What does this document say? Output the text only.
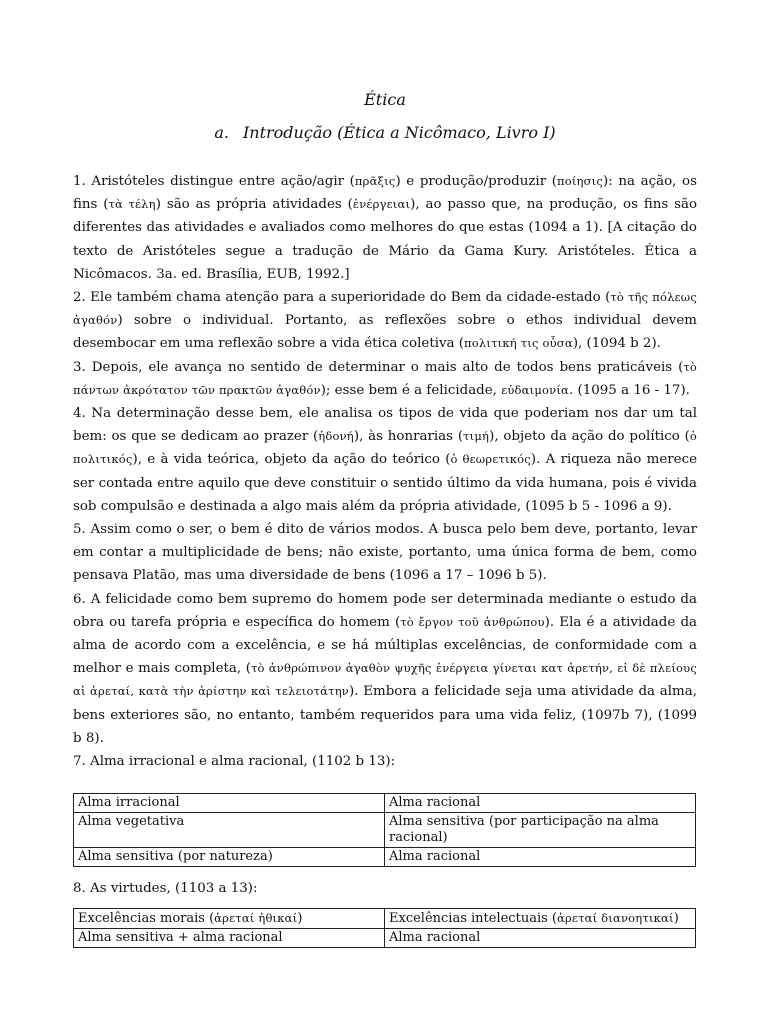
Ética
a. Introdução (Ética a Nicômaco, Livro I)

1. Aristóteles distingue entre ação/agir (πρᾶξις) e produção/produzir (ποίησις): na ação, os fins (τὰ τέλη) são as própria atividades (ἐνέργειαι), ao passo que, na produção, os fins são diferentes das atividades e avaliados como melhores do que estas (1094 a 1). [A citação do texto de Aristóteles segue a tradução de Mário da Gama Kury. Aristóteles. Ética a Nicômacos. 3a. ed. Brasília, EUB, 1992.]

2. Ele também chama atenção para a superioridade do Bem da cidade-estado (τὸ τῆς πόλεως ἀγαθόν) sobre o individual. Portanto, as reflexões sobre o ethos individual devem desembocar em uma reflexão sobre a vida ética coletiva (πολιτική τις οὖσα), (1094 b 2).

3. Depois, ele avança no sentido de determinar o mais alto de todos bens praticáveis (τὸ πάντων ἀκρότατον τῶν πρακτῶν ἀγαθόν); esse bem é a felicidade, εὐδαιμονία. (1095 a 16 - 17).

4. Na determinação desse bem, ele analisa os tipos de vida que poderiam nos dar um tal bem: os que se dedicam ao prazer (ἡδονή), às honrarias (τιμή), objeto da ação do político (ὁ πολιτικός), e à vida teórica, objeto da ação do teórico (ὁ θεωρετικός). A riqueza não merece ser contada entre aquilo que deve constituir o sentido último da vida humana, pois é vivida sob compulsão e destinada a algo mais além da própria atividade, (1095 b 5 - 1096 a 9).

5. Assim como o ser, o bem é dito de vários modos. A busca pelo bem deve, portanto, levar em contar a multiplicidade de bens; não existe, portanto, uma única forma de bem, como pensava Platão, mas uma diversidade de bens (1096 a 17 – 1096 b 5).

6. A felicidade como bem supremo do homem pode ser determinada mediante o estudo da obra ou tarefa própria e específica do homem (τὸ ἔργον τοῦ ἀνθρώπου). Ela é a atividade da alma de acordo com a excelência, e se há múltiplas excelências, de conformidade com a melhor e mais completa, (τὸ ἀνθρώπινον ἀγαθὸν ψυχῆς ἐνέργεια γίνεται κατ ἀρετήν, εἰ δὲ πλείους αἱ ἀρεταί, κατὰ τὴν ἀρίστην καὶ τελειοτάτην). Embora a felicidade seja uma atividade da alma, bens exteriores são, no entanto, também requeridos para uma vida feliz, (1097b 7), (1099 b 8).

7. Alma irracional e alma racional, (1102 b 13):

Alma irracional	Alma racional
Alma vegetativa	Alma sensitiva (por participação na alma racional)
Alma sensitiva (por natureza)	Alma racional

8. As virtudes, (1103 a 13):

Excelências morais (ἀρεταί ἠθικαί)	Excelências intelectuais (ἀρεταί διανοητικαί)
Alma sensitiva + alma racional	Alma racional
